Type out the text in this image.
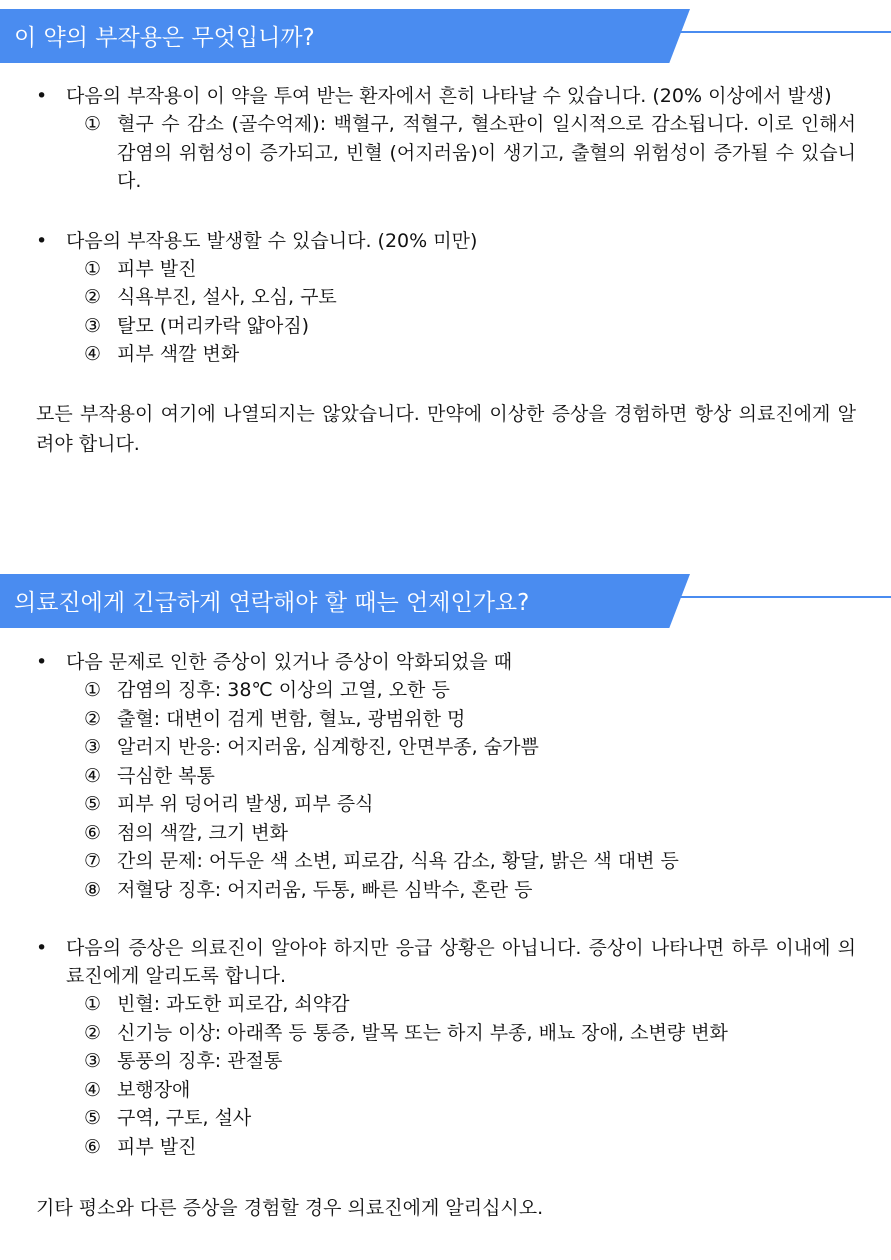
이 약의 부작용은 무엇입니까?
• 다음의 부작용이 이 약을 투여 받는 환자에서 흔히 나타날 수 있습니다. (20% 이상에서 발생)
① 혈구 수 감소 (골수억제): 백혈구, 적혈구, 혈소판이 일시적으로 감소됩니다. 이로 인해서 감염의 위험성이 증가되고, 빈혈 (어지러움)이 생기고, 출혈의 위험성이 증가될 수 있습니다.
• 다음의 부작용도 발생할 수 있습니다. (20% 미만)
① 피부 발진
② 식욕부진, 설사, 오심, 구토
③ 탈모 (머리카락 얇아짐)
④ 피부 색깔 변화
모든 부작용이 여기에 나열되지는 않았습니다. 만약에 이상한 증상을 경험하면 항상 의료진에게 알려야 합니다.
의료진에게 긴급하게 연락해야 할 때는 언제인가요?
• 다음 문제로 인한 증상이 있거나 증상이 악화되었을 때
① 감염의 징후: 38℃ 이상의 고열, 오한 등
② 출혈: 대변이 검게 변함, 혈뇨, 광범위한 멍
③ 알러지 반응: 어지러움, 심계항진, 안면부종, 숨가쁨
④ 극심한 복통
⑤ 피부 위 덩어리 발생, 피부 증식
⑥ 점의 색깔, 크기 변화
⑦ 간의 문제: 어두운 색 소변, 피로감, 식욕 감소, 황달, 밝은 색 대변 등
⑧ 저혈당 징후: 어지러움, 두통, 빠른 심박수, 혼란 등
• 다음의 증상은 의료진이 알아야 하지만 응급 상황은 아닙니다. 증상이 나타나면 하루 이내에 의료진에게 알리도록 합니다.
① 빈혈: 과도한 피로감, 쇠약감
② 신기능 이상: 아래쪽 등 통증, 발목 또는 하지 부종, 배뇨 장애, 소변량 변화
③ 통풍의 징후: 관절통
④ 보행장애
⑤ 구역, 구토, 설사
⑥ 피부 발진
기타 평소와 다른 증상을 경험할 경우 의료진에게 알리십시오.
